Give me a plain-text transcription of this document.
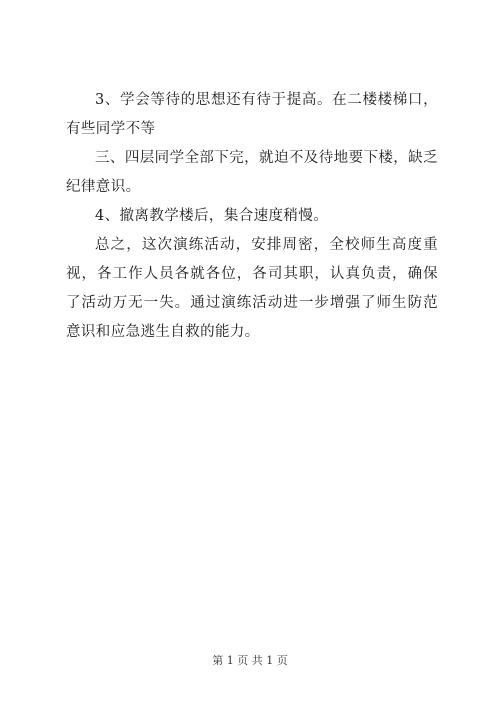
3、学会等待的思想还有待于提高。在二楼楼梯口，有些同学不等

三、四层同学全部下完，就迫不及待地要下楼，缺乏纪律意识。

4、撤离教学楼后，集合速度稍慢。

总之，这次演练活动，安排周密，全校师生高度重视，各工作人员各就各位，各司其职，认真负责，确保了活动万无一失。通过演练活动进一步增强了师生防范意识和应急逃生自救的能力。

第 1 页 共 1 页
